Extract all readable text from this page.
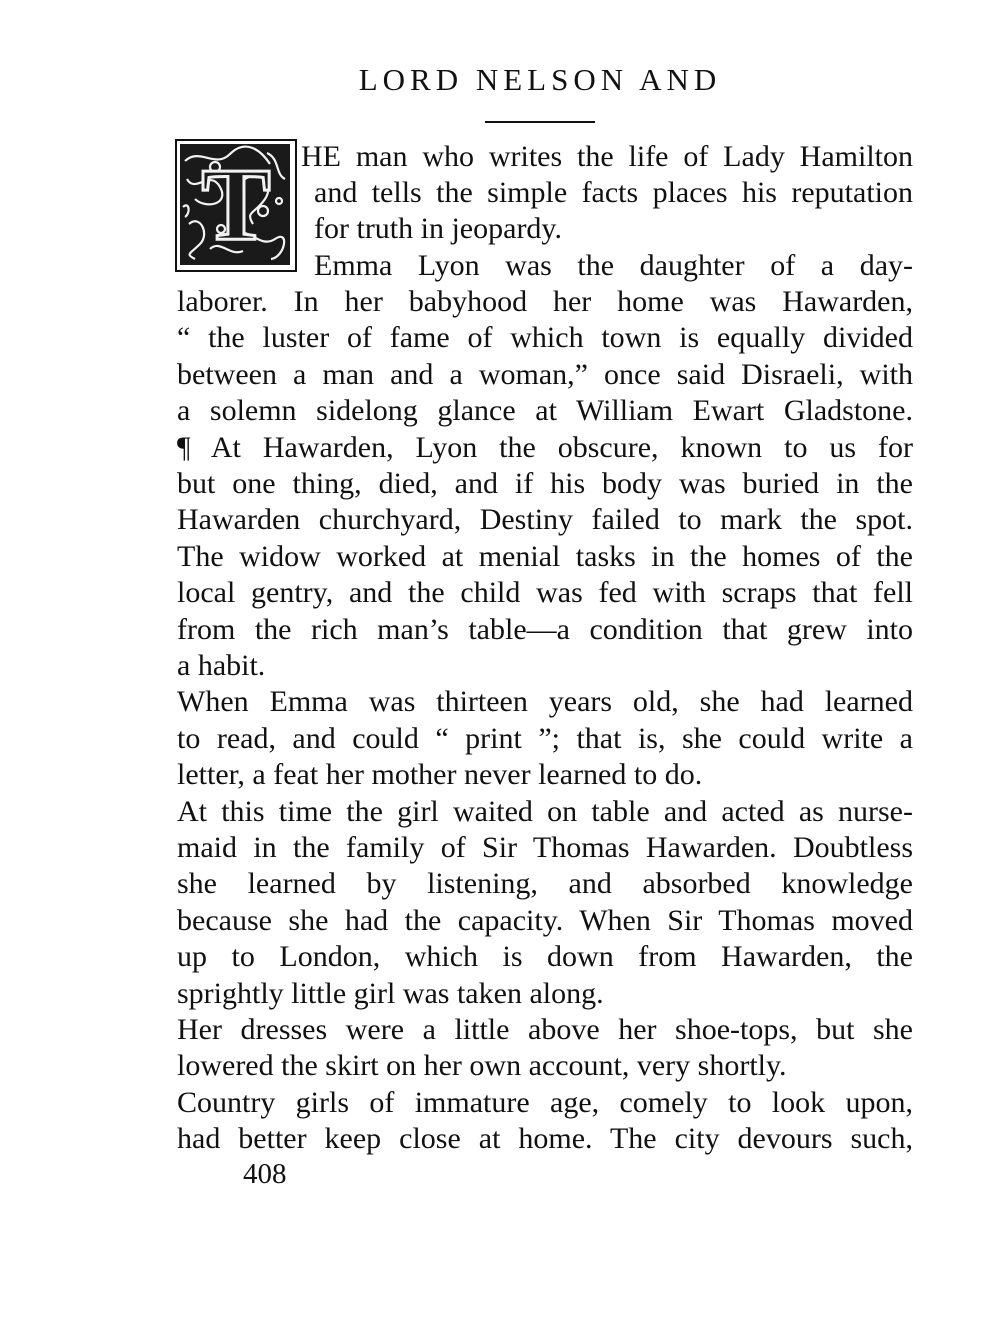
LORD NELSON AND
T HE man who writes the life of Lady Hamilton
and tells the simple facts places his reputation
for truth in jeopardy.
Emma Lyon was the daughter of a day-
laborer. In her babyhood her home was Hawarden,
“ the luster of fame of which town is equally divided
between a man and a woman,” once said Disraeli, with
a solemn sidelong glance at William Ewart Gladstone.
¶ At Hawarden, Lyon the obscure, known to us for
but one thing, died, and if his body was buried in the
Hawarden churchyard, Destiny failed to mark the spot.
The widow worked at menial tasks in the homes of the
local gentry, and the child was fed with scraps that fell
from the rich man’s table—a condition that grew into
a habit.
When Emma was thirteen years old, she had learned
to read, and could “ print ”; that is, she could write a
letter, a feat her mother never learned to do.
At this time the girl waited on table and acted as nurse-
maid in the family of Sir Thomas Hawarden. Doubtless
she learned by listening, and absorbed knowledge
because she had the capacity. When Sir Thomas moved
up to London, which is down from Hawarden, the
sprightly little girl was taken along.
Her dresses were a little above her shoe-tops, but she
lowered the skirt on her own account, very shortly.
Country girls of immature age, comely to look upon,
had better keep close at home. The city devours such,
408
